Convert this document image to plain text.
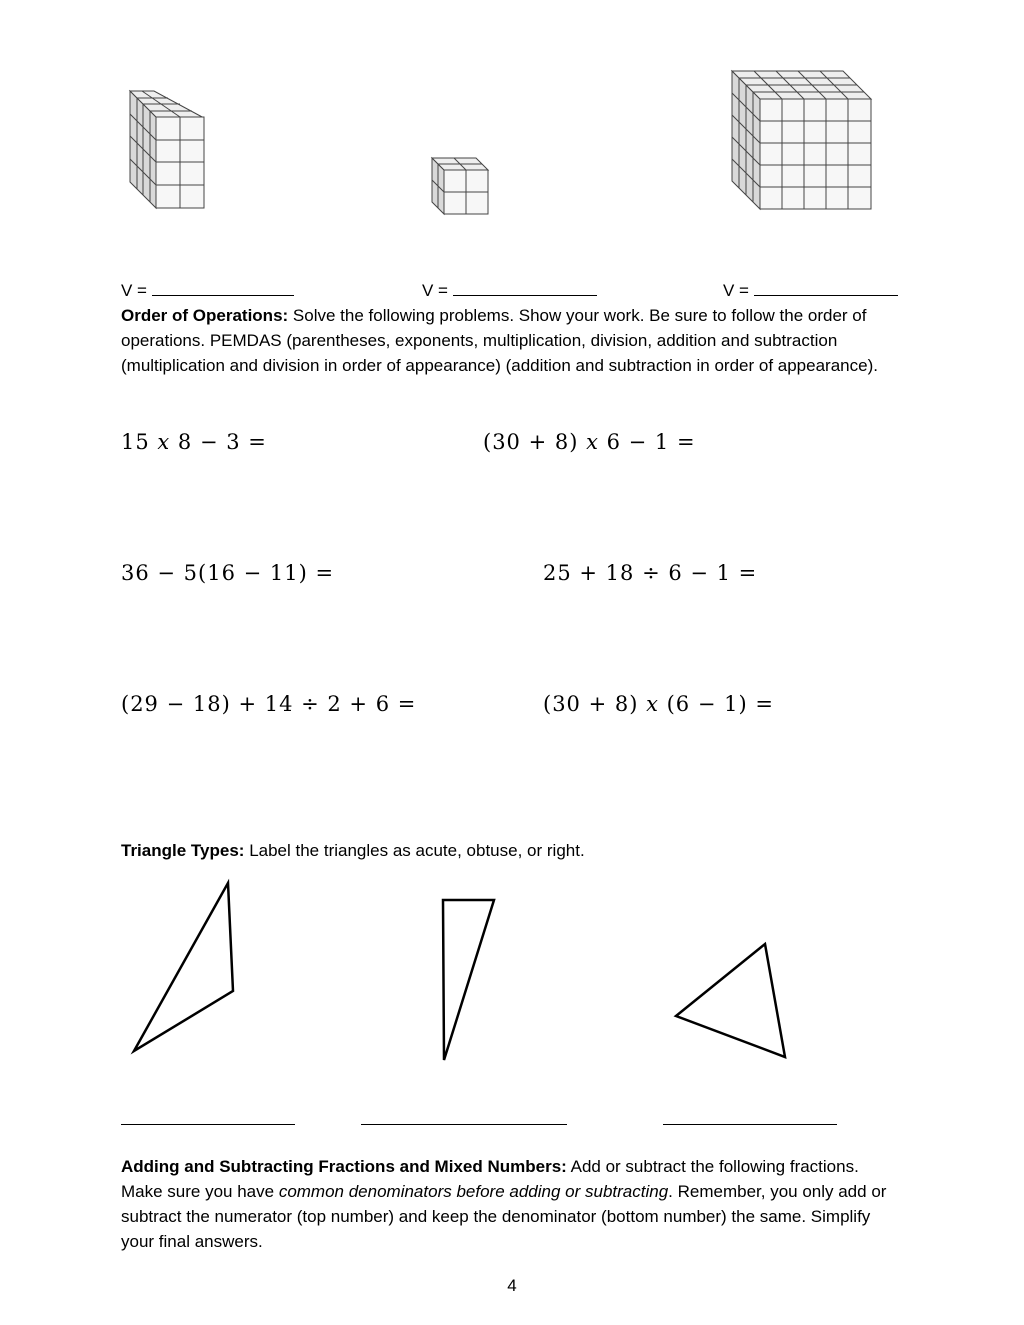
V =	V =	V =
Order of Operations: Solve the following problems. Show your work. Be sure to follow the order of operations. PEMDAS (parentheses, exponents, multiplication, division, addition and subtraction (multiplication and division in order of appearance) (addition and subtraction in order of appearance).
15 𝑥 8 − 3 =	(30 + 8) 𝑥 6 − 1 =
36 − 5(16 − 11) =	25 + 18 ÷ 6 − 1 =
(29 − 18) + 14 ÷ 2 + 6 =	(30 + 8) 𝑥 (6 − 1) =
Triangle Types: Label the triangles as acute, obtuse, or right.
Adding and Subtracting Fractions and Mixed Numbers: Add or subtract the following fractions. Make sure you have common denominators before adding or subtracting. Remember, you only add or subtract the numerator (top number) and keep the denominator (bottom number) the same. Simplify your final answers.
4
